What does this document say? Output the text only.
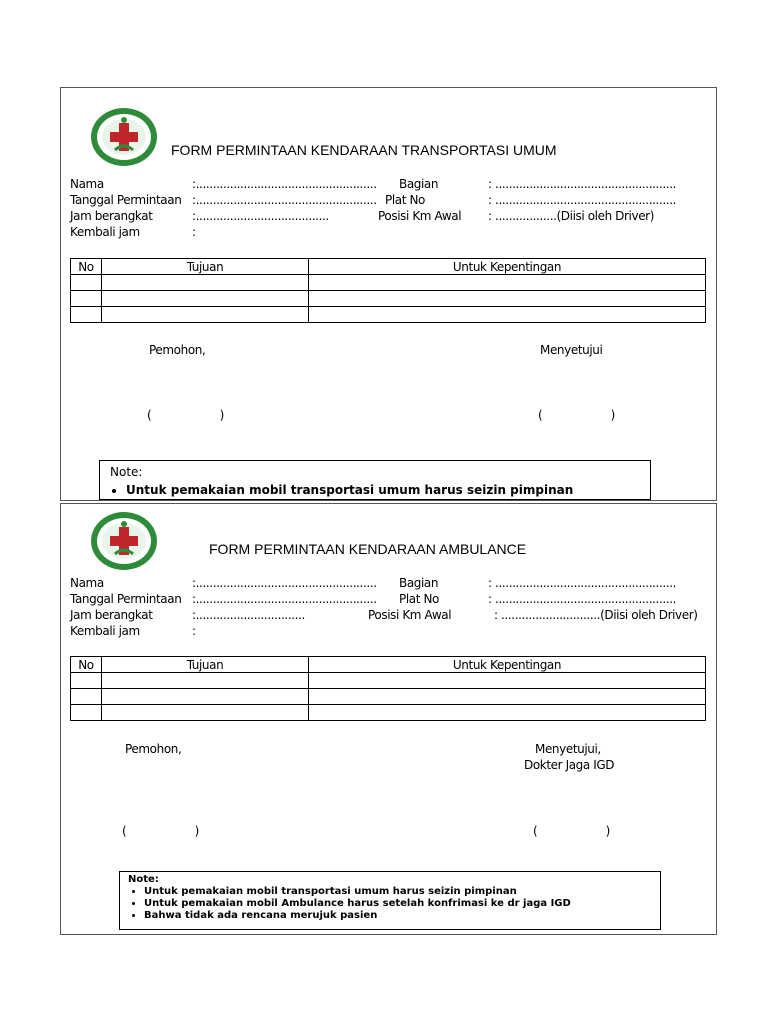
FORM PERMINTAAN KENDARAAN TRANSPORTASI UMUM
Nama	:..................................................... Bagian	: .....................................................
Tanggal Permintaan :..................................................... Plat No	: .....................................................
Jam berangkat	:.......................................	Posisi Km Awal : ..................(Diisi oleh Driver)
Kembali jam	:
No	Tujuan	Untuk Kepentingan

Pemohon,	Menyetujui
(                    )	(                    )
Note:
• Untuk pemakaian mobil transportasi umum harus seizin pimpinan
FORM PERMINTAAN KENDARAAN AMBULANCE
Nama	:..................................................... Bagian	: .....................................................
Tanggal Permintaan :..................................................... Plat No	: .....................................................
Jam berangkat	:................................	Posisi Km Awal	: .............................(Diisi oleh Driver)
Kembali jam	:
No	Tujuan	Untuk Kepentingan

Pemohon,	Menyetujui,
Dokter Jaga IGD
(                    )	(                    )
Note:
• Untuk pemakaian mobil transportasi umum harus seizin pimpinan
• Untuk pemakaian mobil Ambulance harus setelah konfrimasi ke dr jaga IGD
• Bahwa tidak ada rencana merujuk pasien
